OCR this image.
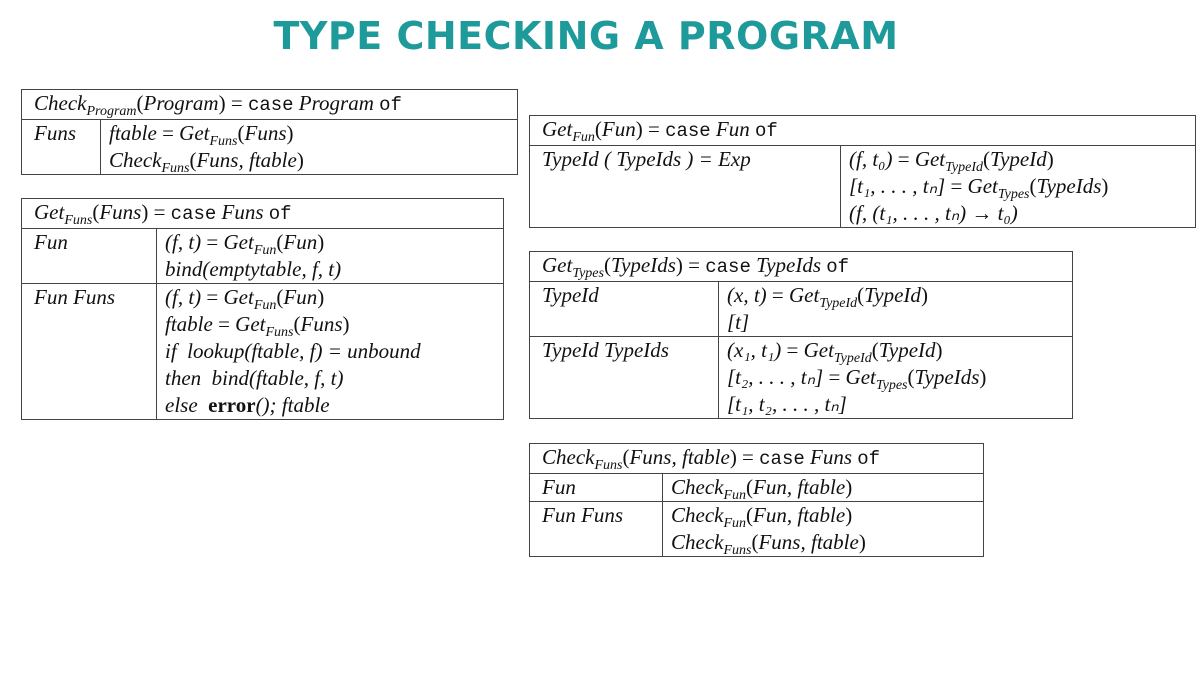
TYPE CHECKING A PROGRAM
Check$_{Program}$(Program) = case Program of
Funs	ftable = Get$_{Funs}$(Funs)
Check$_{Funs}$(Funs, ftable)
Get$_{Funs}$(Funs) = case Funs of	
Fun	(f, t) = Get$_{Fun}$(Fun)
bind(emptytable, f, t)

Fun Funs	(f, t) = Get$_{Fun}$(Fun)
ftable = Get$_{Funs}$(Funs)
if lookup(ftable, f) = unbound
then bind(ftable, f, t)
else error(); ftable
Get$_{Fun}$(Fun) = case Fun of
TypeId ( TypeIds ) = Exp	(f, t₀) = Get$_{TypeId}$(TypeId)
[t₁, . . . , tₙ] = Get$_{Types}$(TypeIds)
(f, (t₁, . . . , tₙ) → t₀)
Get$_{Types}$(TypeIds) = case TypeIds of	
TypeId	(x, t) = Get$_{TypeId}$(TypeId)
[t]

TypeId TypeIds	(x₁, t₁) = Get$_{TypeId}$(TypeId)
[t₂, . . . , tₙ] = Get$_{Types}$(TypeIds)
[t₁, t₂, . . . , tₙ]
Check$_{Funs}$(Funs, ftable) = case Funs of	
Fun	Check$_{Fun}$(Fun, ftable)

Fun Funs	Check$_{Fun}$(Fun, ftable)
Check$_{Funs}$(Funs, ftable)
